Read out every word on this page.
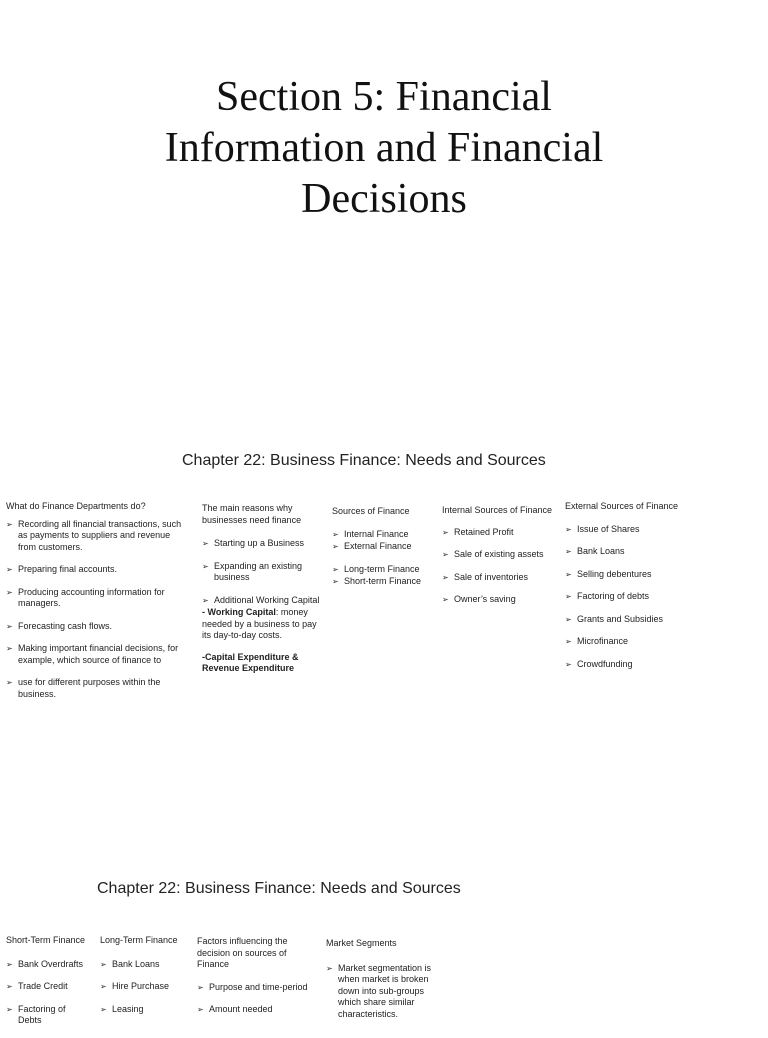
Section 5: Financial
Information and Financial
Decisions
Chapter 22: Business Finance: Needs and Sources
What do Finance Departments do?
➢ Recording all financial transactions, such as payments to suppliers and revenue from customers.
➢ Preparing final accounts.
➢ Producing accounting information for managers.
➢ Forecasting cash flows.
➢ Making important financial decisions, for example, which source of finance to
➢ use for different purposes within the business.
The main reasons why businesses need finance
➢ Starting up a Business
➢ Expanding an existing business
➢ Additional Working Capital
- Working Capital: money needed by a business to pay its day-to-day costs.
-Capital Expenditure & Revenue Expenditure
Sources of Finance
➢ Internal Finance
➢ External Finance
➢ Long-term Finance
➢ Short-term Finance
Internal Sources of Finance
➢ Retained Profit
➢ Sale of existing assets
➢ Sale of inventories
➢ Owner’s saving
External Sources of Finance
➢ Issue of Shares
➢ Bank Loans
➢ Selling debentures
➢ Factoring of debts
➢ Grants and Subsidies
➢ Microfinance
➢ Crowdfunding
Chapter 22: Business Finance: Needs and Sources
Short-Term Finance
➢ Bank Overdrafts
➢ Trade Credit
➢ Factoring of Debts
Long-Term Finance
➢ Bank Loans
➢ Hire Purchase
➢ Leasing
Factors influencing the decision on sources of Finance
➢ Purpose and time-period
➢ Amount needed
Market Segments
➢ Market segmentation is when market is broken down into sub-groups which share similar characteristics.
